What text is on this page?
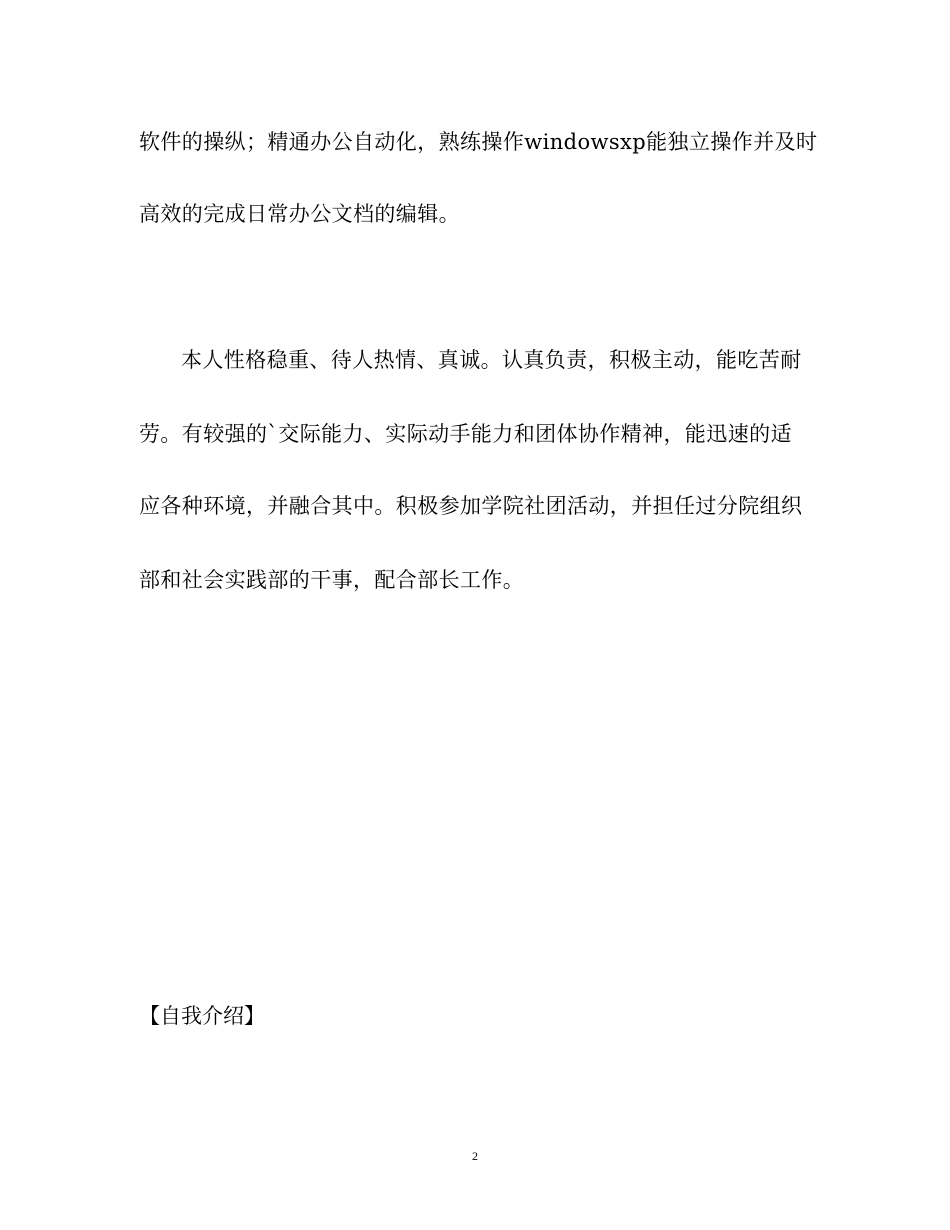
软件的操纵；精通办公自动化，熟练操作windowsxp能独立操作并及时
高效的完成日常办公文档的编辑。
本人性格稳重、待人热情、真诚。认真负责，积极主动，能吃苦耐
劳。有较强的`交际能力、实际动手能力和团体协作精神，能迅速的适
应各种环境，并融合其中。积极参加学院社团活动，并担任过分院组织
部和社会实践部的干事，配合部长工作。
【自我介绍】
2
